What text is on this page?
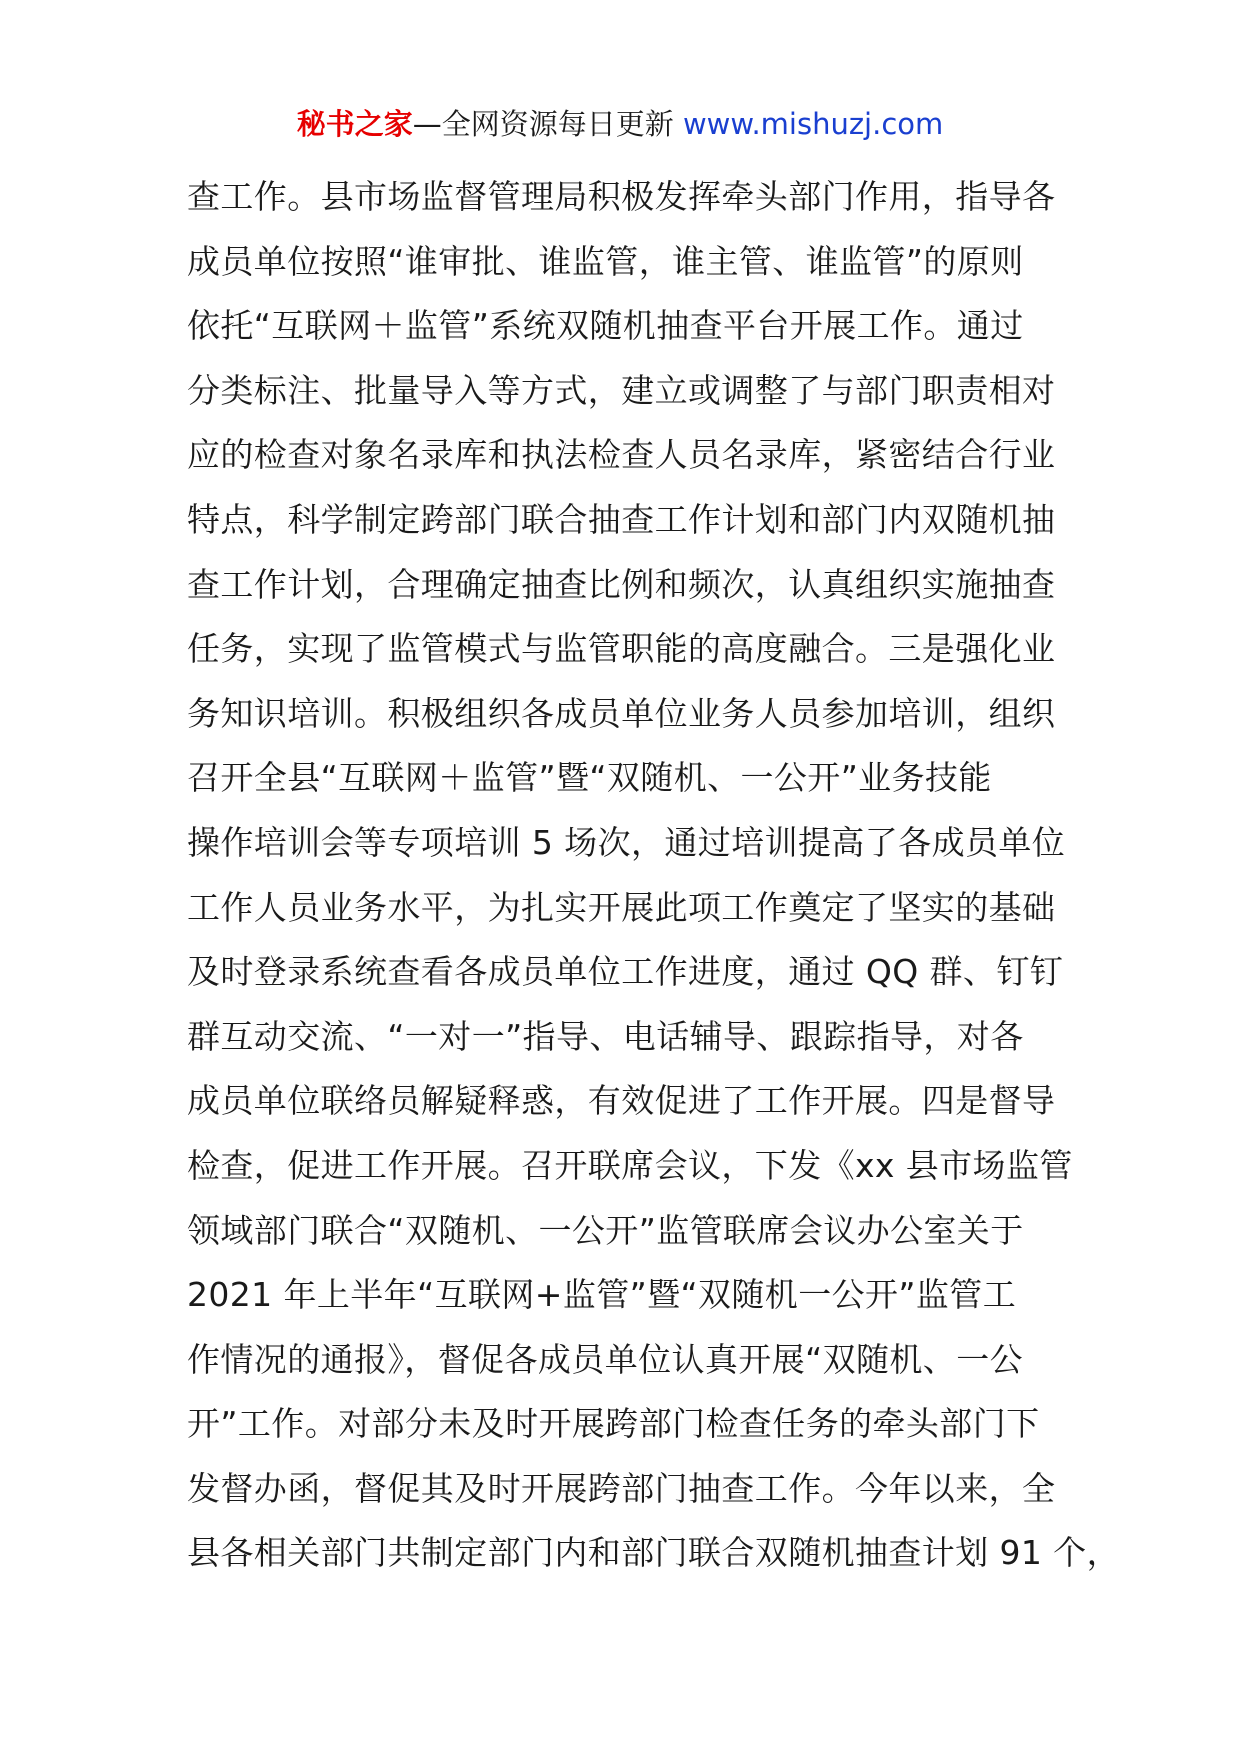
秘书之家—全网资源每日更新 www.mishuzj.com
查工作。县市场监督管理局积极发挥牵头部门作用，指导各
成员单位按照“谁审批、谁监管，谁主管、谁监管”的原则
依托“互联网＋监管”系统双随机抽查平台开展工作。通过
分类标注、批量导入等方式，建立或调整了与部门职责相对
应的检查对象名录库和执法检查人员名录库，紧密结合行业
特点，科学制定跨部门联合抽查工作计划和部门内双随机抽
查工作计划，合理确定抽查比例和频次，认真组织实施抽查
任务，实现了监管模式与监管职能的高度融合。三是强化业
务知识培训。积极组织各成员单位业务人员参加培训，组织
召开全县“互联网＋监管”暨“双随机、一公开”业务技能
操作培训会等专项培训 5 场次，通过培训提高了各成员单位
工作人员业务水平，为扎实开展此项工作奠定了坚实的基础
及时登录系统查看各成员单位工作进度，通过 QQ 群、钉钉
群互动交流、“一对一”指导、电话辅导、跟踪指导，对各
成员单位联络员解疑释惑，有效促进了工作开展。四是督导
检查，促进工作开展。召开联席会议，下发《xx 县市场监管
领域部门联合“双随机、一公开”监管联席会议办公室关于
2021 年上半年“互联网+监管”暨“双随机一公开”监管工
作情况的通报》，督促各成员单位认真开展“双随机、一公
开”工作。对部分未及时开展跨部门检查任务的牵头部门下
发督办函，督促其及时开展跨部门抽查工作。今年以来，全
县各相关部门共制定部门内和部门联合双随机抽查计划 91 个，
